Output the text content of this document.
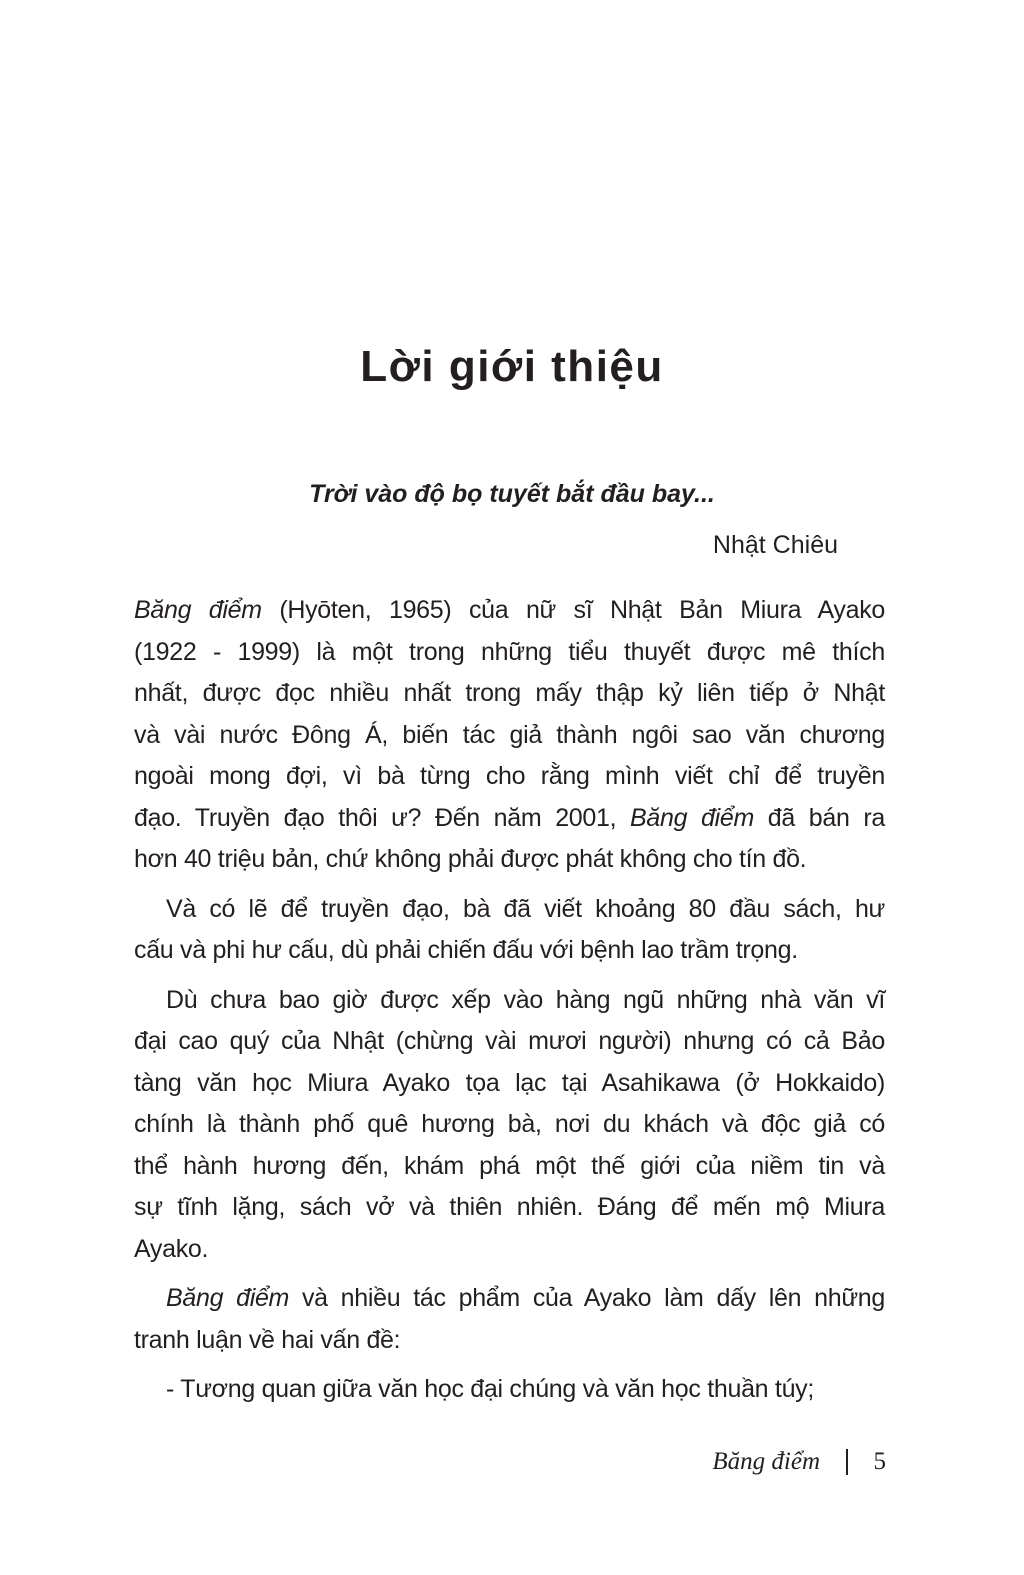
Lời giới thiệu
Trời vào độ bọ tuyết bắt đầu bay...
Nhật Chiêu
Băng điểm (Hyōten, 1965) của nữ sĩ Nhật Bản Miura Ayako
(1922 - 1999) là một trong những tiểu thuyết được mê thích
nhất, được đọc nhiều nhất trong mấy thập kỷ liên tiếp ở Nhật
và vài nước Đông Á, biến tác giả thành ngôi sao văn chương
ngoài mong đợi, vì bà từng cho rằng mình viết chỉ để truyền
đạo. Truyền đạo thôi ư? Đến năm 2001, Băng điểm đã bán ra
hơn 40 triệu bản, chứ không phải được phát không cho tín đồ.
Và có lẽ để truyền đạo, bà đã viết khoảng 80 đầu sách, hư
cấu và phi hư cấu, dù phải chiến đấu với bệnh lao trầm trọng.
Dù chưa bao giờ được xếp vào hàng ngũ những nhà văn vĩ
đại cao quý của Nhật (chừng vài mươi người) nhưng có cả Bảo
tàng văn học Miura Ayako tọa lạc tại Asahikawa (ở Hokkaido)
chính là thành phố quê hương bà, nơi du khách và độc giả có
thể hành hương đến, khám phá một thế giới của niềm tin và
sự tĩnh lặng, sách vở và thiên nhiên. Đáng để mến mộ Miura
Ayako.
Băng điểm và nhiều tác phẩm của Ayako làm dấy lên những
tranh luận về hai vấn đề:
- Tương quan giữa văn học đại chúng và văn học thuần túy;
Băng điểm 5
